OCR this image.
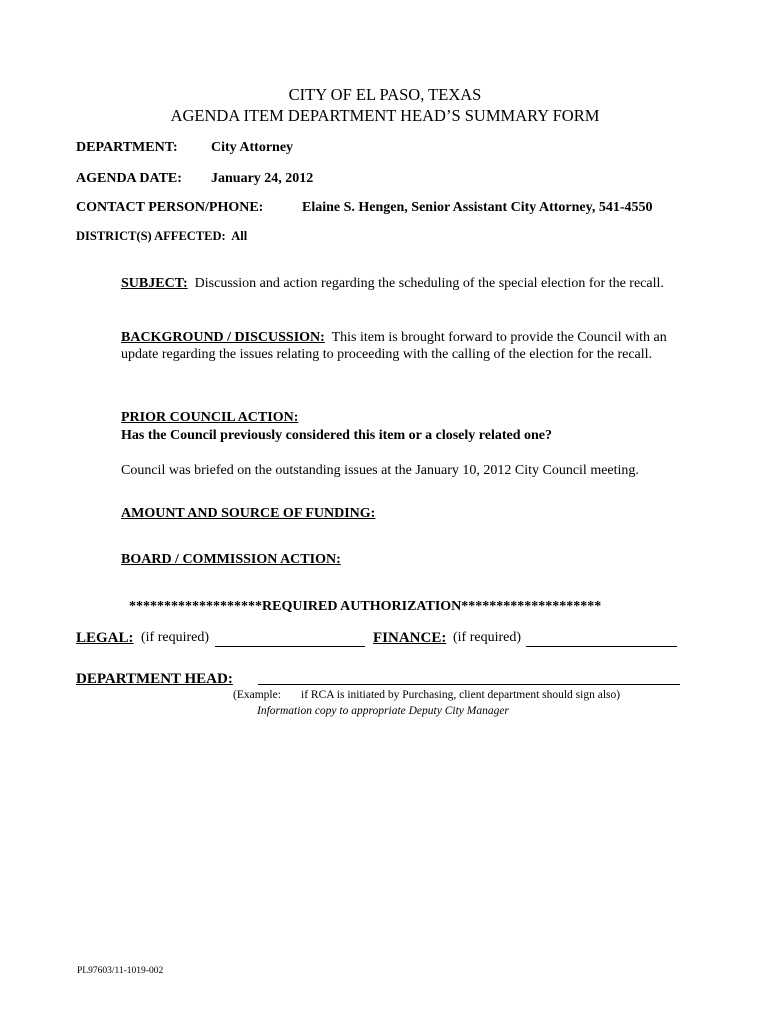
CITY OF EL PASO, TEXAS
AGENDA ITEM DEPARTMENT HEAD’S SUMMARY FORM
DEPARTMENT: City Attorney
AGENDA DATE: January 24, 2012
CONTACT PERSON/PHONE:	Elaine S. Hengen, Senior Assistant City Attorney, 541-4550
DISTRICT(S) AFFECTED: All
SUBJECT: Discussion and action regarding the scheduling of the special election for the recall.
BACKGROUND / DISCUSSION: This item is brought forward to provide the Council with an update regarding the issues relating to proceeding with the calling of the election for the recall.
PRIOR COUNCIL ACTION:
Has the Council previously considered this item or a closely related one?
Council was briefed on the outstanding issues at the January 10, 2012 City Council meeting.
AMOUNT AND SOURCE OF FUNDING:
BOARD / COMMISSION ACTION:
*******************REQUIRED AUTHORIZATION********************
LEGAL: (if required)	FINANCE: (if required)
DEPARTMENT HEAD:
(Example: if RCA is initiated by Purchasing, client department should sign also)
Information copy to appropriate Deputy City Manager
PL97603/11-1019-002
